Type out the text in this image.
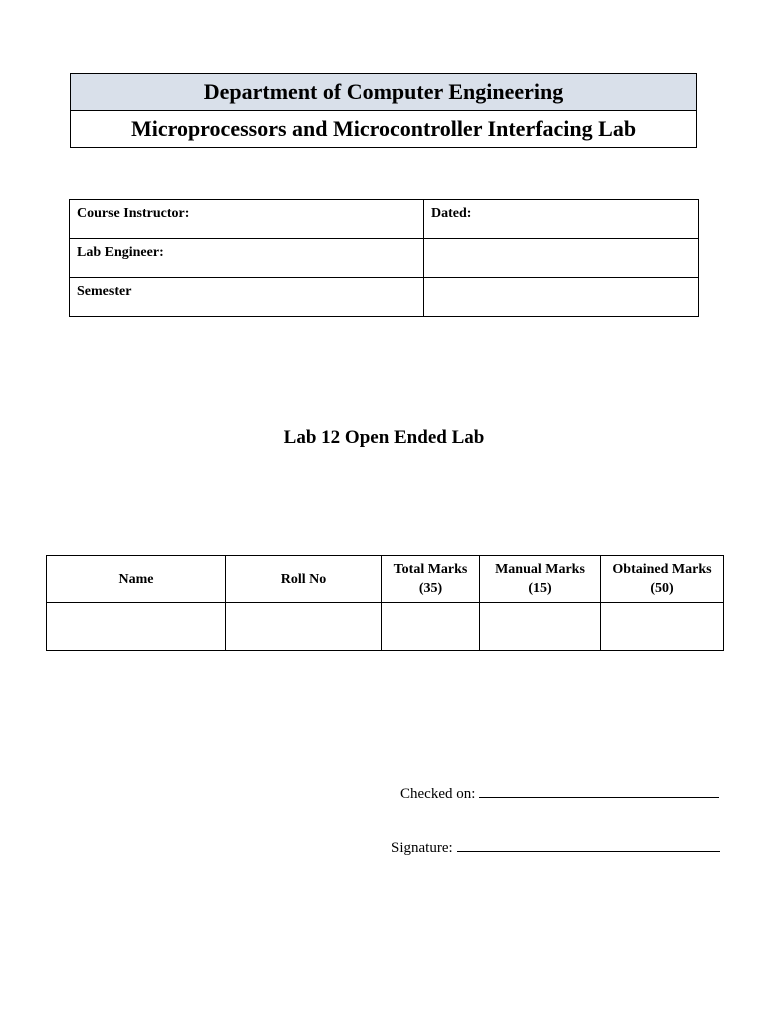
Department of Computer Engineering
Microprocessors and Microcontroller Interfacing Lab
Course Instructor:	Dated:
Lab Engineer:	
Semester	
Lab 12 Open Ended Lab
Name	Roll No	Total Marks (35)	Manual Marks (15)	Obtained Marks (50)

Checked on:
Signature:
